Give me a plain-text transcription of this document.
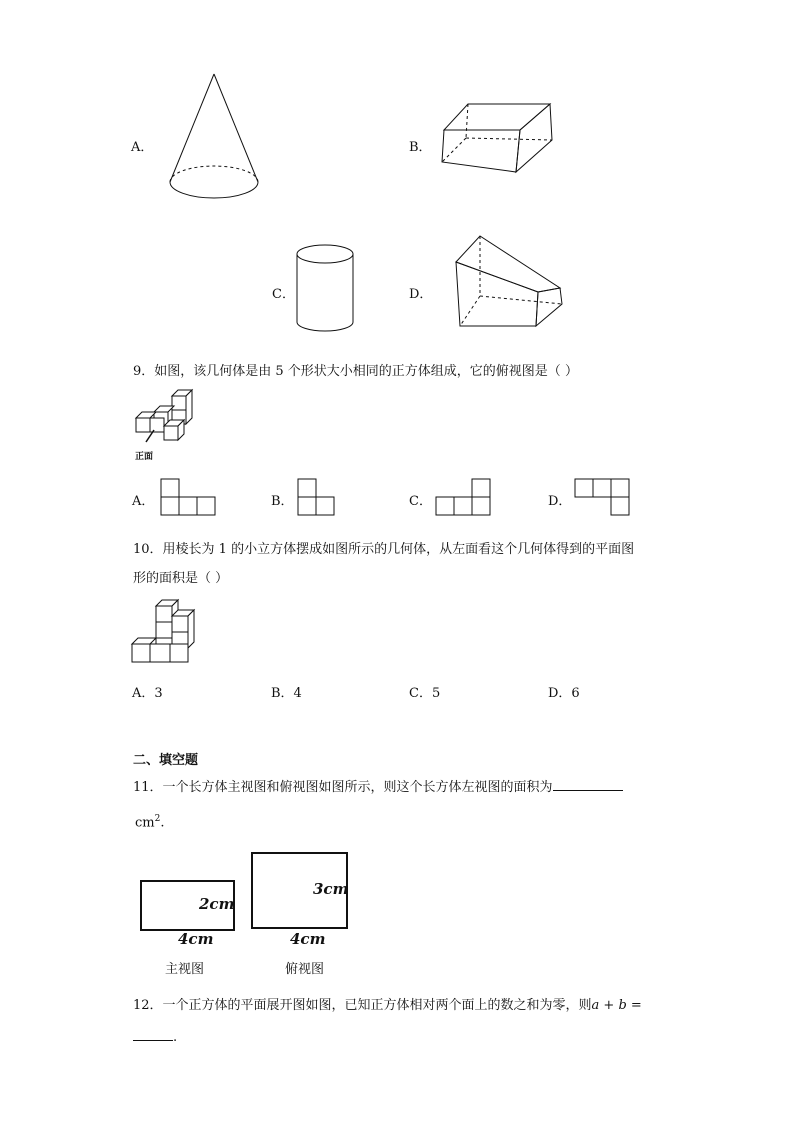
A．	B．
C．	D．
9．如图，该几何体是由 5 个形状大小相同的正方体组成，它的俯视图是（ ）
正面
A．	B．	C．	D．
10．用棱长为 1 的小立方体摆成如图所示的几何体，从左面看这个几何体得到的平面图
形的面积是（ ）
A．3	B．4	C．5	D．6
二、填空题
11．一个长方体主视图和俯视图如图所示，则这个长方体左视图的面积为
$cm^2$.
2cm
4cm
主视图
3cm
4cm
俯视图
12．一个正方体的平面展开图如图，已知正方体相对两个面上的数之和为零，则a + b =
.
